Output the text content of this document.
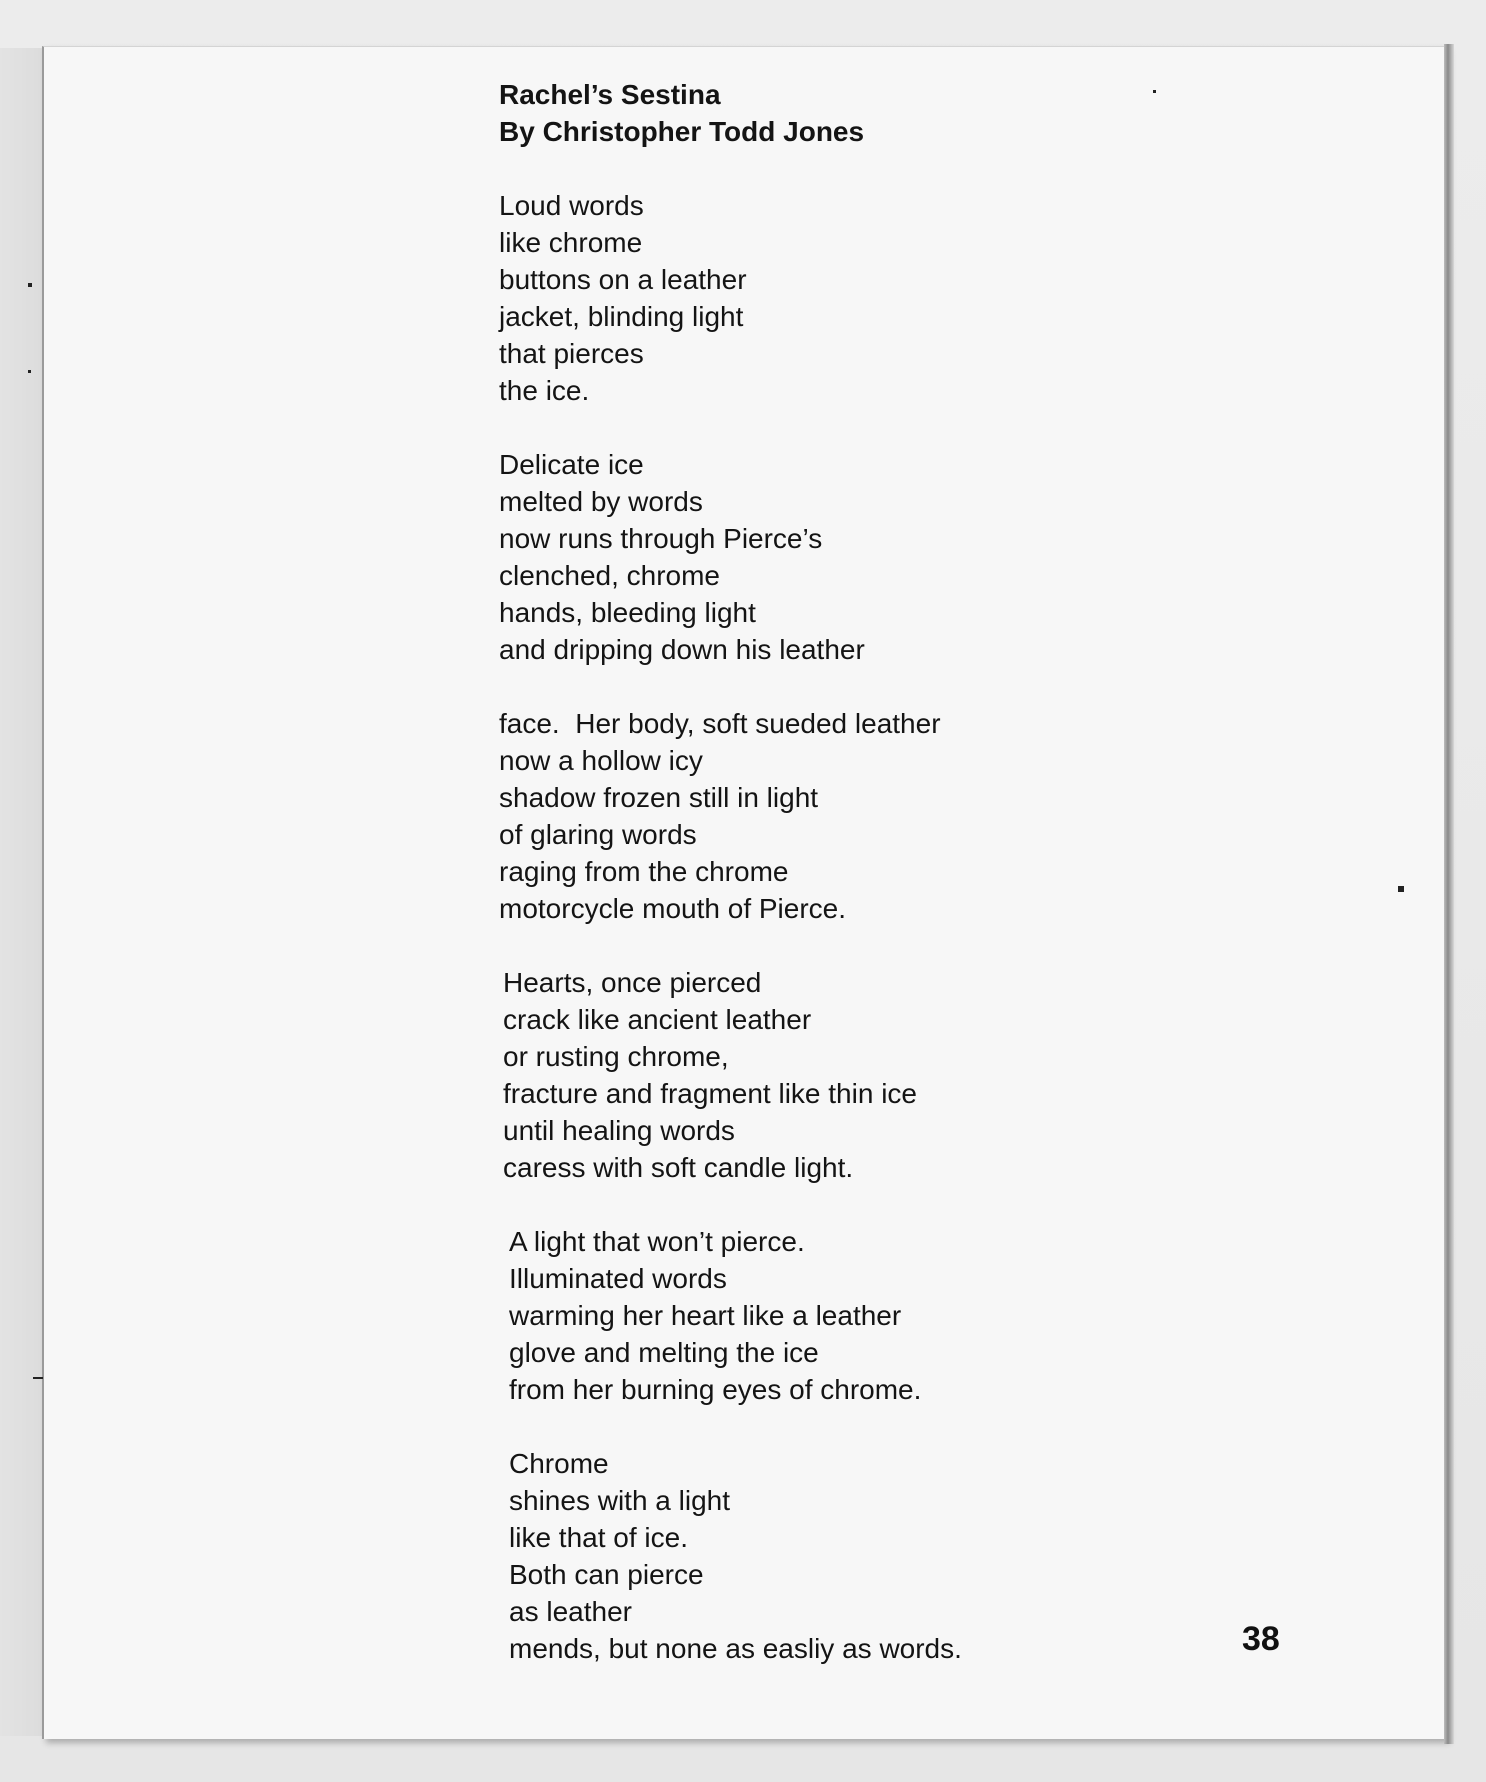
Rachel’s Sestina
By Christopher Todd Jones
Loud words
like chrome
buttons on a leather
jacket, blinding light
that pierces
the ice.
Delicate ice
melted by words
now runs through Pierce’s
clenched, chrome
hands, bleeding light
and dripping down his leather
face.  Her body, soft sueded leather
now a hollow icy
shadow frozen still in light
of glaring words
raging from the chrome
motorcycle mouth of Pierce.
Hearts, once pierced
crack like ancient leather
or rusting chrome,
fracture and fragment like thin ice
until healing words
caress with soft candle light.
A light that won’t pierce.
Illuminated words
warming her heart like a leather
glove and melting the ice
from her burning eyes of chrome.
Chrome
shines with a light
like that of ice.
Both can pierce
as leather
mends, but none as easliy as words.	38
